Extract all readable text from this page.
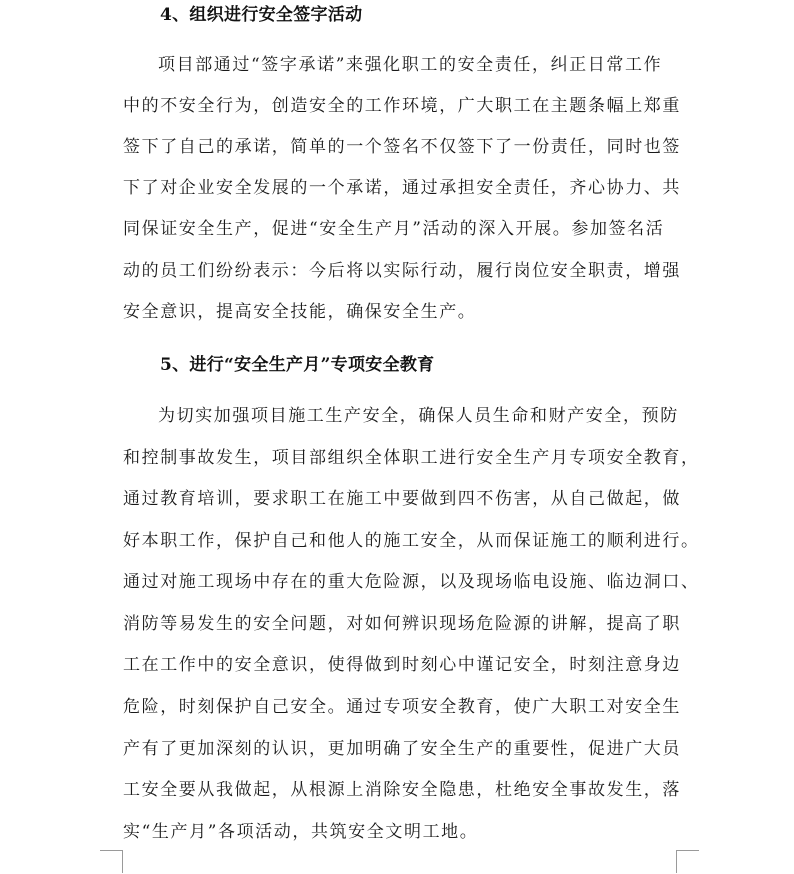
4、组织进行安全签字活动
项目部通过“签字承诺”来强化职工的安全责任，纠正日常工作
中的不安全行为，创造安全的工作环境，广大职工在主题条幅上郑重
签下了自己的承诺，简单的一个签名不仅签下了一份责任，同时也签
下了对企业安全发展的一个承诺，通过承担安全责任，齐心协力、共
同保证安全生产，促进“安全生产月”活动的深入开展。参加签名活
动的员工们纷纷表示：今后将以实际行动，履行岗位安全职责，增强
安全意识，提高安全技能，确保安全生产。
5、进行“安全生产月”专项安全教育
为切实加强项目施工生产安全，确保人员生命和财产安全，预防
和控制事故发生，项目部组织全体职工进行安全生产月专项安全教育，
通过教育培训，要求职工在施工中要做到四不伤害，从自己做起，做
好本职工作，保护自己和他人的施工安全，从而保证施工的顺利进行。
通过对施工现场中存在的重大危险源，以及现场临电设施、临边洞口、
消防等易发生的安全问题，对如何辨识现场危险源的讲解，提高了职
工在工作中的安全意识，使得做到时刻心中谨记安全，时刻注意身边
危险，时刻保护自己安全。通过专项安全教育，使广大职工对安全生
产有了更加深刻的认识，更加明确了安全生产的重要性，促进广大员
工安全要从我做起，从根源上消除安全隐患，杜绝安全事故发生，落
实“生产月”各项活动，共筑安全文明工地。
